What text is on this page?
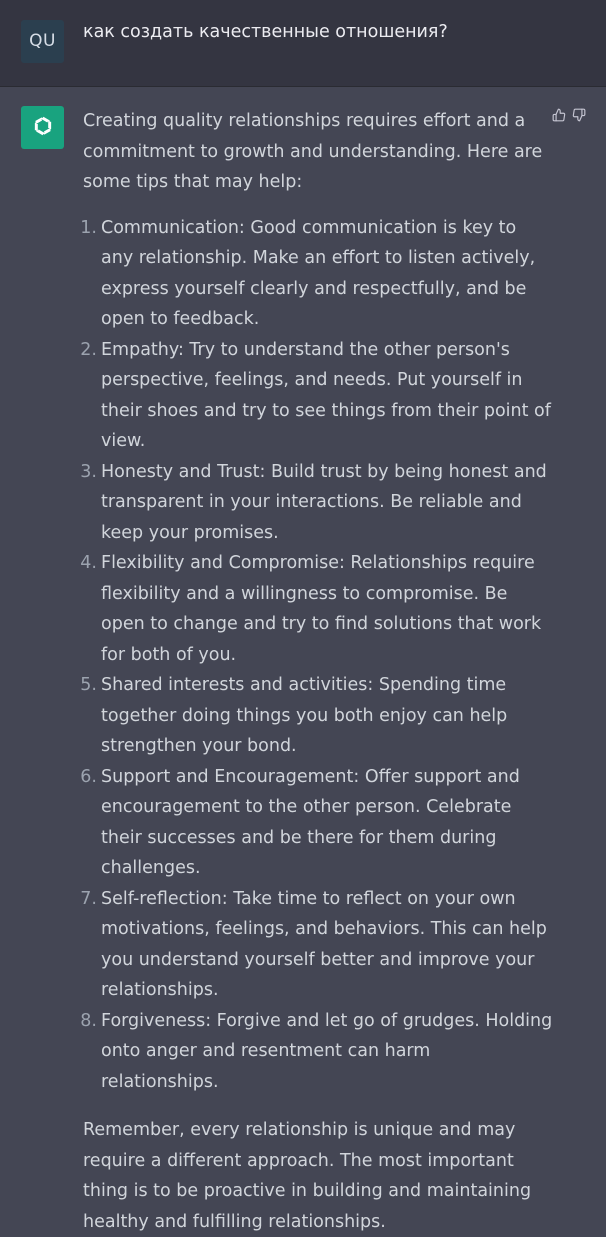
QU	как создать качественные отношения?

Creating quality relationships requires effort and a commitment to growth and understanding. Here are some tips that may help:

1. Communication: Good communication is key to any relationship. Make an effort to listen actively, express yourself clearly and respectfully, and be open to feedback.
2. Empathy: Try to understand the other person's perspective, feelings, and needs. Put yourself in their shoes and try to see things from their point of view.
3. Honesty and Trust: Build trust by being honest and transparent in your interactions. Be reliable and keep your promises.
4. Flexibility and Compromise: Relationships require flexibility and a willingness to compromise. Be open to change and try to find solutions that work for both of you.
5. Shared interests and activities: Spending time together doing things you both enjoy can help strengthen your bond.
6. Support and Encouragement: Offer support and encouragement to the other person. Celebrate their successes and be there for them during challenges.
7. Self-reflection: Take time to reflect on your own motivations, feelings, and behaviors. This can help you understand yourself better and improve your relationships.
8. Forgiveness: Forgive and let go of grudges. Holding onto anger and resentment can harm relationships.

Remember, every relationship is unique and may require a different approach. The most important thing is to be proactive in building and maintaining healthy and fulfilling relationships.
